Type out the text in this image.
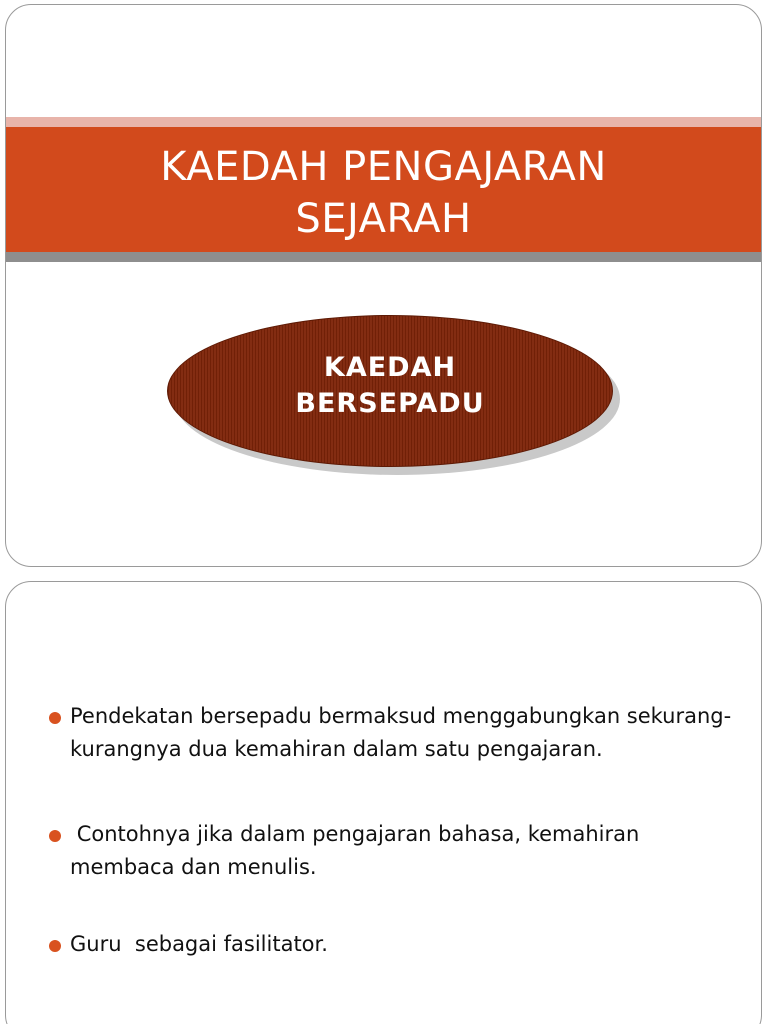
KAEDAH PENGAJARAN
SEJARAH
KAEDAH
BERSEPADU
Pendekatan bersepadu bermaksud menggabungkan sekurang-kurangnya dua kemahiran dalam satu pengajaran.
Contohnya jika dalam pengajaran bahasa, kemahiran membaca dan menulis.
Guru  sebagai fasilitator.
